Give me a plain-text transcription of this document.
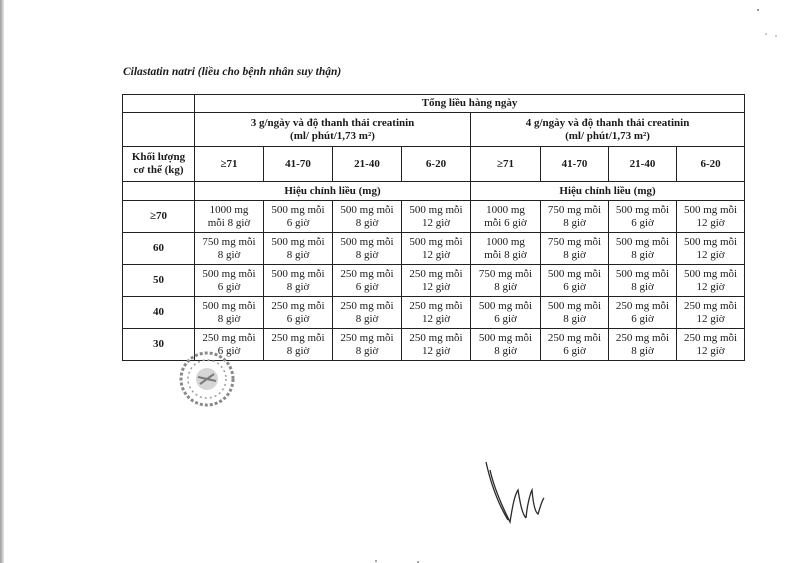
Cilastatin natri (liều cho bệnh nhân suy thận)
	Tổng liều hàng ngày							

	3 g/ngày và độ thanh thải creatinin
(ml/ phút/1,73 m²)				4 g/ngày và độ thanh thải creatinin
(ml/ phút/1,73 m²)			

Khối lượng
cơ thể (kg)	≥71	41-70	21-40	6-20	≥71	41-70	21-40	6-20
	Hiệu chỉnh liều (mg)				Hiệu chỉnh liều (mg)			
≥70	1000 mg
mỗi 8 giờ	500 mg mỗi
6 giờ	500 mg mỗi
8 giờ	500 mg mỗi
12 giờ	1000 mg
mỗi 6 giờ	750 mg mỗi
8 giờ	500 mg mỗi
6 giờ	500 mg mỗi
12 giờ

60	750 mg mỗi
8 giờ	500 mg mỗi
8 giờ	500 mg mỗi
8 giờ	500 mg mỗi
12 giờ	1000 mg
mỗi 8 giờ	750 mg mỗi
8 giờ	500 mg mỗi
8 giờ	500 mg mỗi
12 giờ

50	500 mg mỗi
6 giờ	500 mg mỗi
8 giờ	250 mg mỗi
6 giờ	250 mg mỗi
12 giờ	750 mg mỗi
8 giờ	500 mg mỗi
6 giờ	500 mg mỗi
8 giờ	500 mg mỗi
12 giờ

40	500 mg mỗi
8 giờ	250 mg mỗi
6 giờ	250 mg mỗi
8 giờ	250 mg mỗi
12 giờ	500 mg mỗi
6 giờ	500 mg mỗi
8 giờ	250 mg mỗi
6 giờ	250 mg mỗi
12 giờ

30	250 mg mỗi
6 giờ	250 mg mỗi
8 giờ	250 mg mỗi
8 giờ	250 mg mỗi
12 giờ	500 mg mỗi
8 giờ	250 mg mỗi
6 giờ	250 mg mỗi
8 giờ	250 mg mỗi
12 giờ
